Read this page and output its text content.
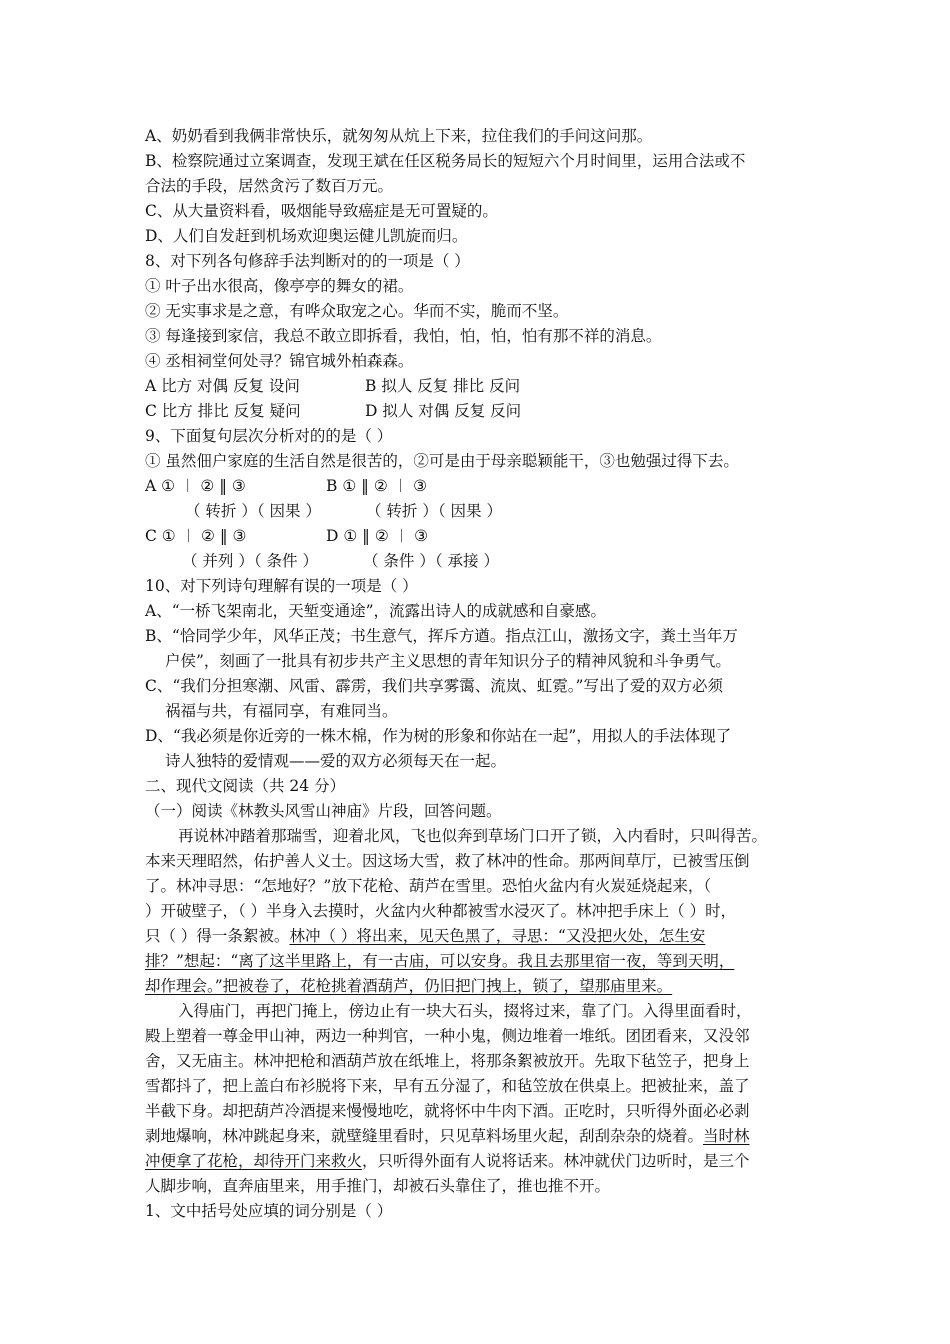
A、奶奶看到我俩非常快乐，就匆匆从炕上下来，拉住我们的手问这问那。
B、检察院通过立案调查，发现王斌在任区税务局长的短短六个月时间里，运用合法或不
合法的手段，居然贪污了数百万元。
C、从大量资料看，吸烟能导致癌症是无可置疑的。
D、人们自发赶到机场欢迎奥运健儿凯旋而归。
8、对下列各句修辞手法判断对的的一项是（ ）
① 叶子出水很高，像亭亭的舞女的裙。
② 无实事求是之意，有哗众取宠之心。华而不实，脆而不坚。
③ 每逢接到家信，我总不敢立即拆看，我怕，怕，怕，怕有那不祥的消息。
④ 丞相祠堂何处寻？锦官城外柏森森。
A 比方 对偶 反复 设问	B 拟人 反复 排比 反问
C 比方 排比 反复 疑问	D 拟人 对偶 反复 反问
9、下面复句层次分析对的的是（ ）
① 虽然佃户家庭的生活自然是很苦的，②可是由于母亲聪颖能干，③也勉强过得下去。
A ① ︱ ② ‖ ③	B ① ‖ ② ︱ ③
（ 转折 ）（ 因果 ）	（ 转折 ）（ 因果 ）
C ① ︱ ② ‖ ③	D ① ‖ ② ︱ ③
（ 并列 ）（ 条件 ）	（ 条件 ）（ 承接 ）
10、对下列诗句理解有误的一项是（ ）
A、“一桥飞架南北，天堑变通途”，流露出诗人的成就感和自豪感。
B、“恰同学少年，风华正茂；书生意气，挥斥方遒。指点江山，激扬文字，粪土当年万
户侯”，刻画了一批具有初步共产主义思想的青年知识分子的精神风貌和斗争勇气。
C、“我们分担寒潮、风雷、霹雳，我们共享雾霭、流岚、虹霓。”写出了爱的双方必须
祸福与共，有福同享，有难同当。
D、“我必须是你近旁的一株木棉，作为树的形象和你站在一起”，用拟人的手法体现了
诗人独特的爱情观——爱的双方必须每天在一起。
二、现代文阅读（共 24 分）
（一）阅读《林教头风雪山神庙》片段，回答问题。
再说林冲踏着那瑞雪，迎着北风，飞也似奔到草场门口开了锁，入内看时，只叫得苦。
本来天理昭然，佑护善人义士。因这场大雪，救了林冲的性命。那两间草厅，已被雪压倒
了。林冲寻思：“怎地好？”放下花枪、葫芦在雪里。恐怕火盆内有火炭延烧起来，（
）开破壁子，（ ）半身入去摸时，火盆内火种都被雪水浸灭了。林冲把手床上（ ）时，
只（ ）得一条絮被。林冲（ ）将出来，见天色黑了，寻思：“又没把火处，怎生安
排？”想起：“离了这半里路上，有一古庙，可以安身。我且去那里宿一夜，等到天明，
却作理会。”把被卷了，花枪挑着酒葫芦，仍旧把门拽上，锁了，望那庙里来。
入得庙门，再把门掩上，傍边止有一块大石头，掇将过来，靠了门。入得里面看时，
殿上塑着一尊金甲山神，两边一种判官，一种小鬼，侧边堆着一堆纸。团团看来，又没邻
舍，又无庙主。林冲把枪和酒葫芦放在纸堆上，将那条絮被放开。先取下毡笠子，把身上
雪都抖了，把上盖白布衫脱将下来，早有五分湿了，和毡笠放在供桌上。把被扯来，盖了
半截下身。却把葫芦冷酒提来慢慢地吃，就将怀中牛肉下酒。正吃时，只听得外面必必剥
剥地爆响，林冲跳起身来，就壁缝里看时，只见草料场里火起，刮刮杂杂的烧着。当时林
冲便拿了花枪，却待开门来救火，只听得外面有人说将话来。林冲就伏门边听时，是三个
人脚步响，直奔庙里来，用手推门，却被石头靠住了，推也推不开。
1、文中括号处应填的词分别是（ ）
